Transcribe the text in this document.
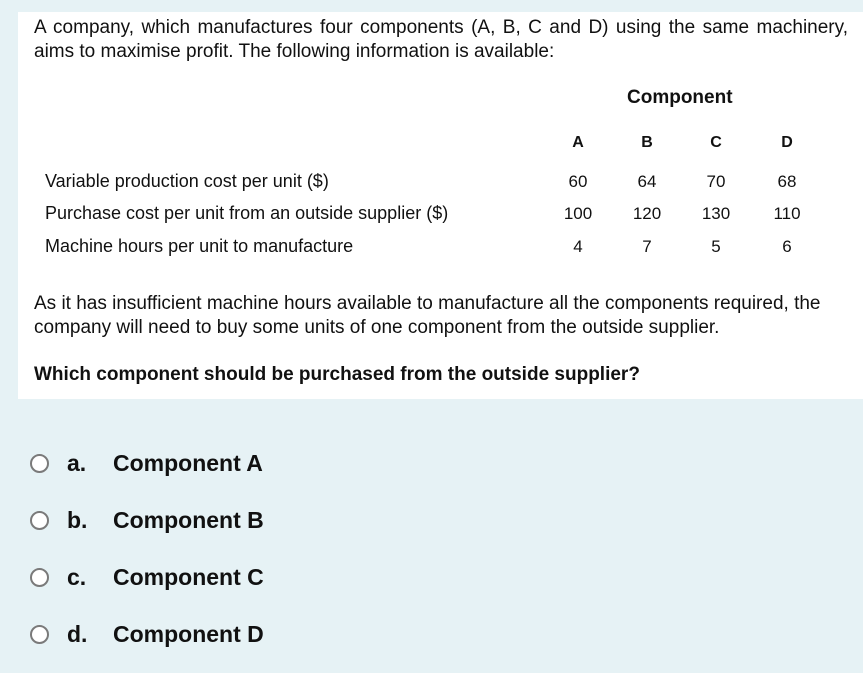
A company, which manufactures four components (A, B, C and D) using the same machinery, aims to maximise profit. The following information is available:

Component
A	B	C	D
Variable production cost per unit ($)	60	64	70	68
Purchase cost per unit from an outside supplier ($)	100	120	130	110
Machine hours per unit to manufacture	4	7	5	6

As it has insufficient machine hours available to manufacture all the components required, the company will need to buy some units of one component from the outside supplier.

Which component should be purchased from the outside supplier?

a.	Component A
b.	Component B
c.	Component C
d.	Component D
